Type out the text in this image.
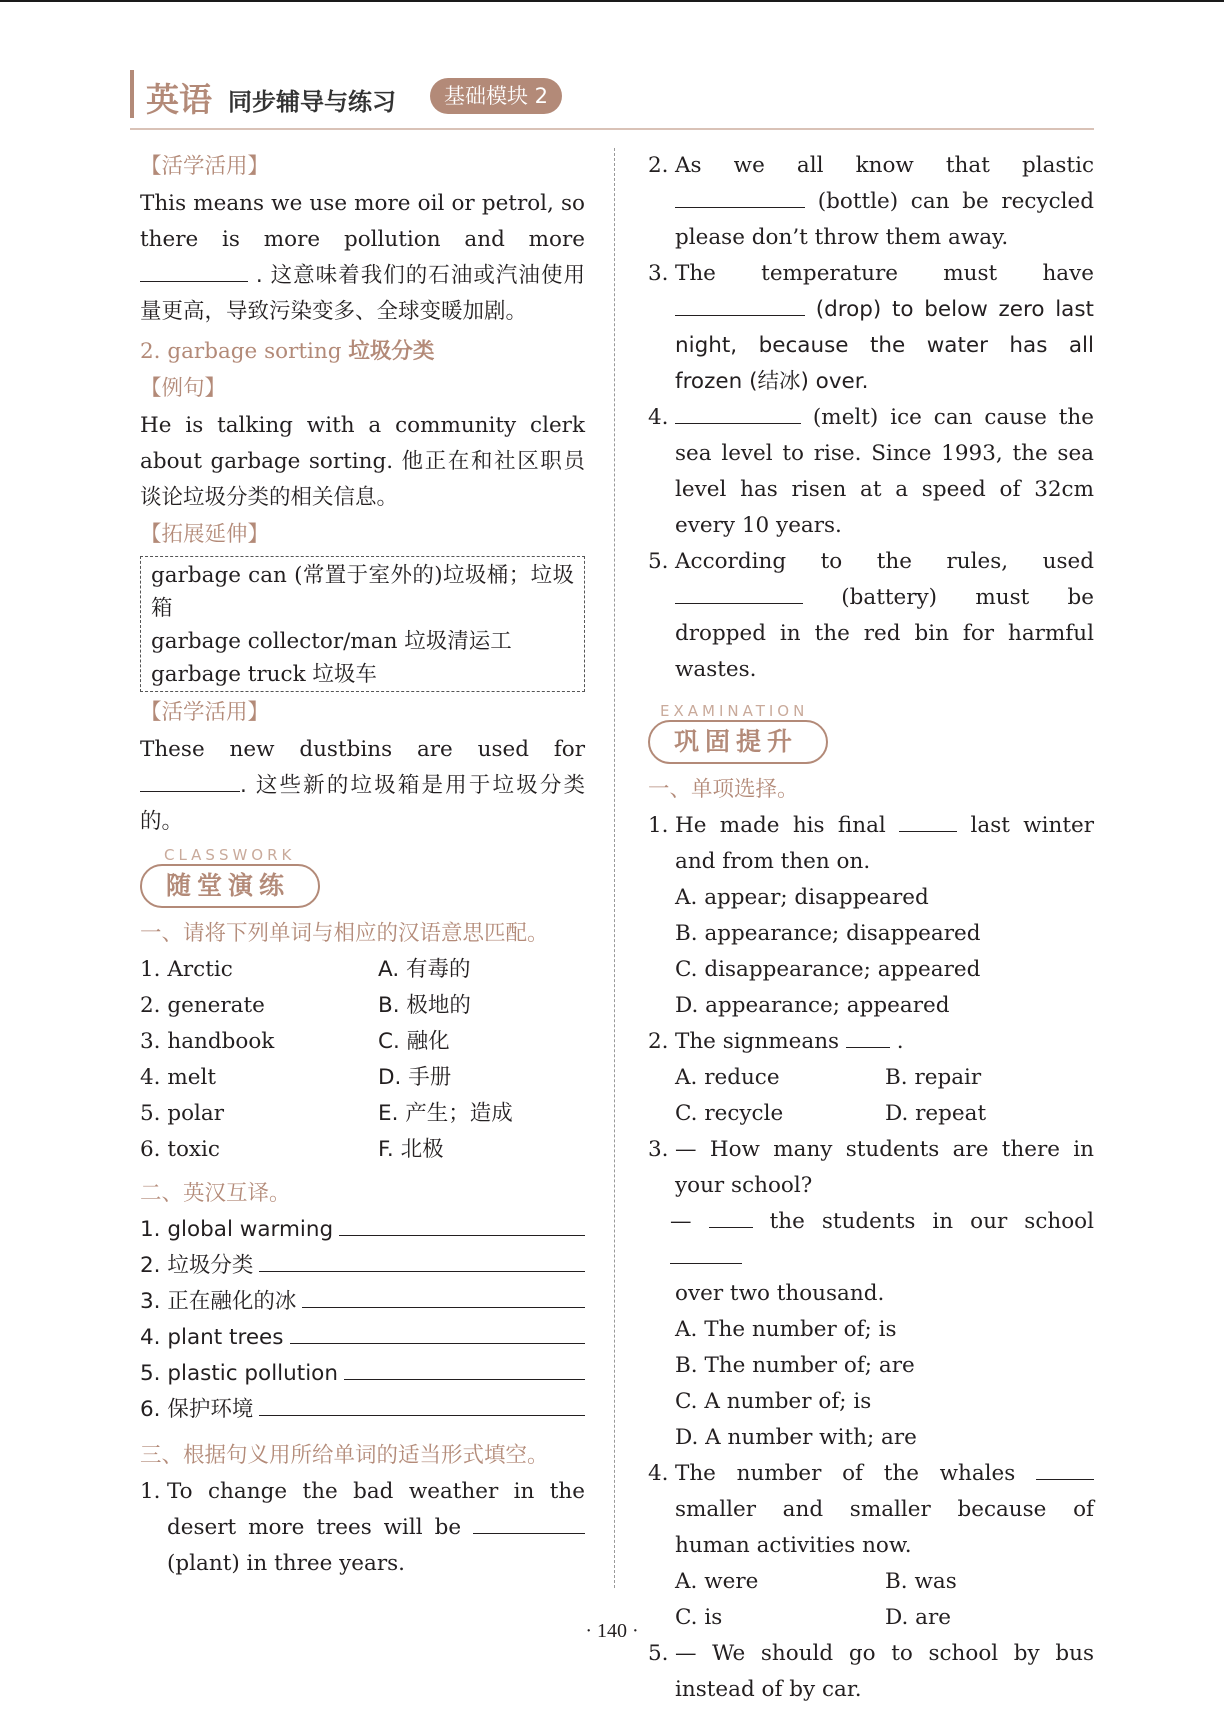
英语 同步辅导与练习	基础模块 2
【活学活用】
This means we use more oil or petrol, so there is more pollution and more  . 这意味着我们的石油或汽油使用量更高，导致污染变多、全球变暖加剧。
2. garbage sorting 垃圾分类
【例句】
He is talking with a community clerk about garbage sorting. 他正在和社区职员谈论垃圾分类的相关信息。
【拓展延伸】
garbage can (常置于室外的)垃圾桶；垃圾箱
garbage collector/man 垃圾清运工
garbage truck 垃圾车
【活学活用】
These new dustbins are used for . 这些新的垃圾箱是用于垃圾分类的。
CLASSWORK
随堂演练
一、请将下列单词与相应的汉语意思匹配。
1. Arctic	A. 有毒的
2. generate	B. 极地的
3. handbook	C. 融化
4. melt	D. 手册
5. polar	E. 产生；造成
6. toxic	F. 北极
二、英汉互译。
1. global warming
2. 垃圾分类
3. 正在融化的冰
4. plant trees
5. plastic pollution
6. 保护环境
三、根据句义用所给单词的适当形式填空。
1. To change the bad weather in the desert more trees will be  (plant) in three years.
2. As we all know that plastic  (bottle) can be recycled please don’t throw them away.
3. The temperature must have  (drop) to below zero last night, because the water has all frozen (结冰) over.
4.	(melt) ice can cause the sea level to rise. Since 1993, the sea level has risen at a speed of 32cm every 10 years.
5. According to the rules, used  (battery) must be dropped in the red bin for harmful wastes.
EXAMINATION
巩固提升
一、单项选择。
1. He made his final	last winter and from then on.
A. appear; disappeared
B. appearance; disappeared
C. disappearance; appeared
D. appearance; appeared
2. The signmeans	.
A. reduce	B. repair
C. recycle	D. repeat
3. — How many students are there in your school?
—	the students in our school
over two thousand.
A. The number of; is
B. The number of; are
C. A number of; is
D. A number with; are
4. The number of the whales  smaller and smaller because of human activities now.
A. were	B. was
C. is	D. are
5. — We should go to school by bus instead of by car.
· 140 ·
